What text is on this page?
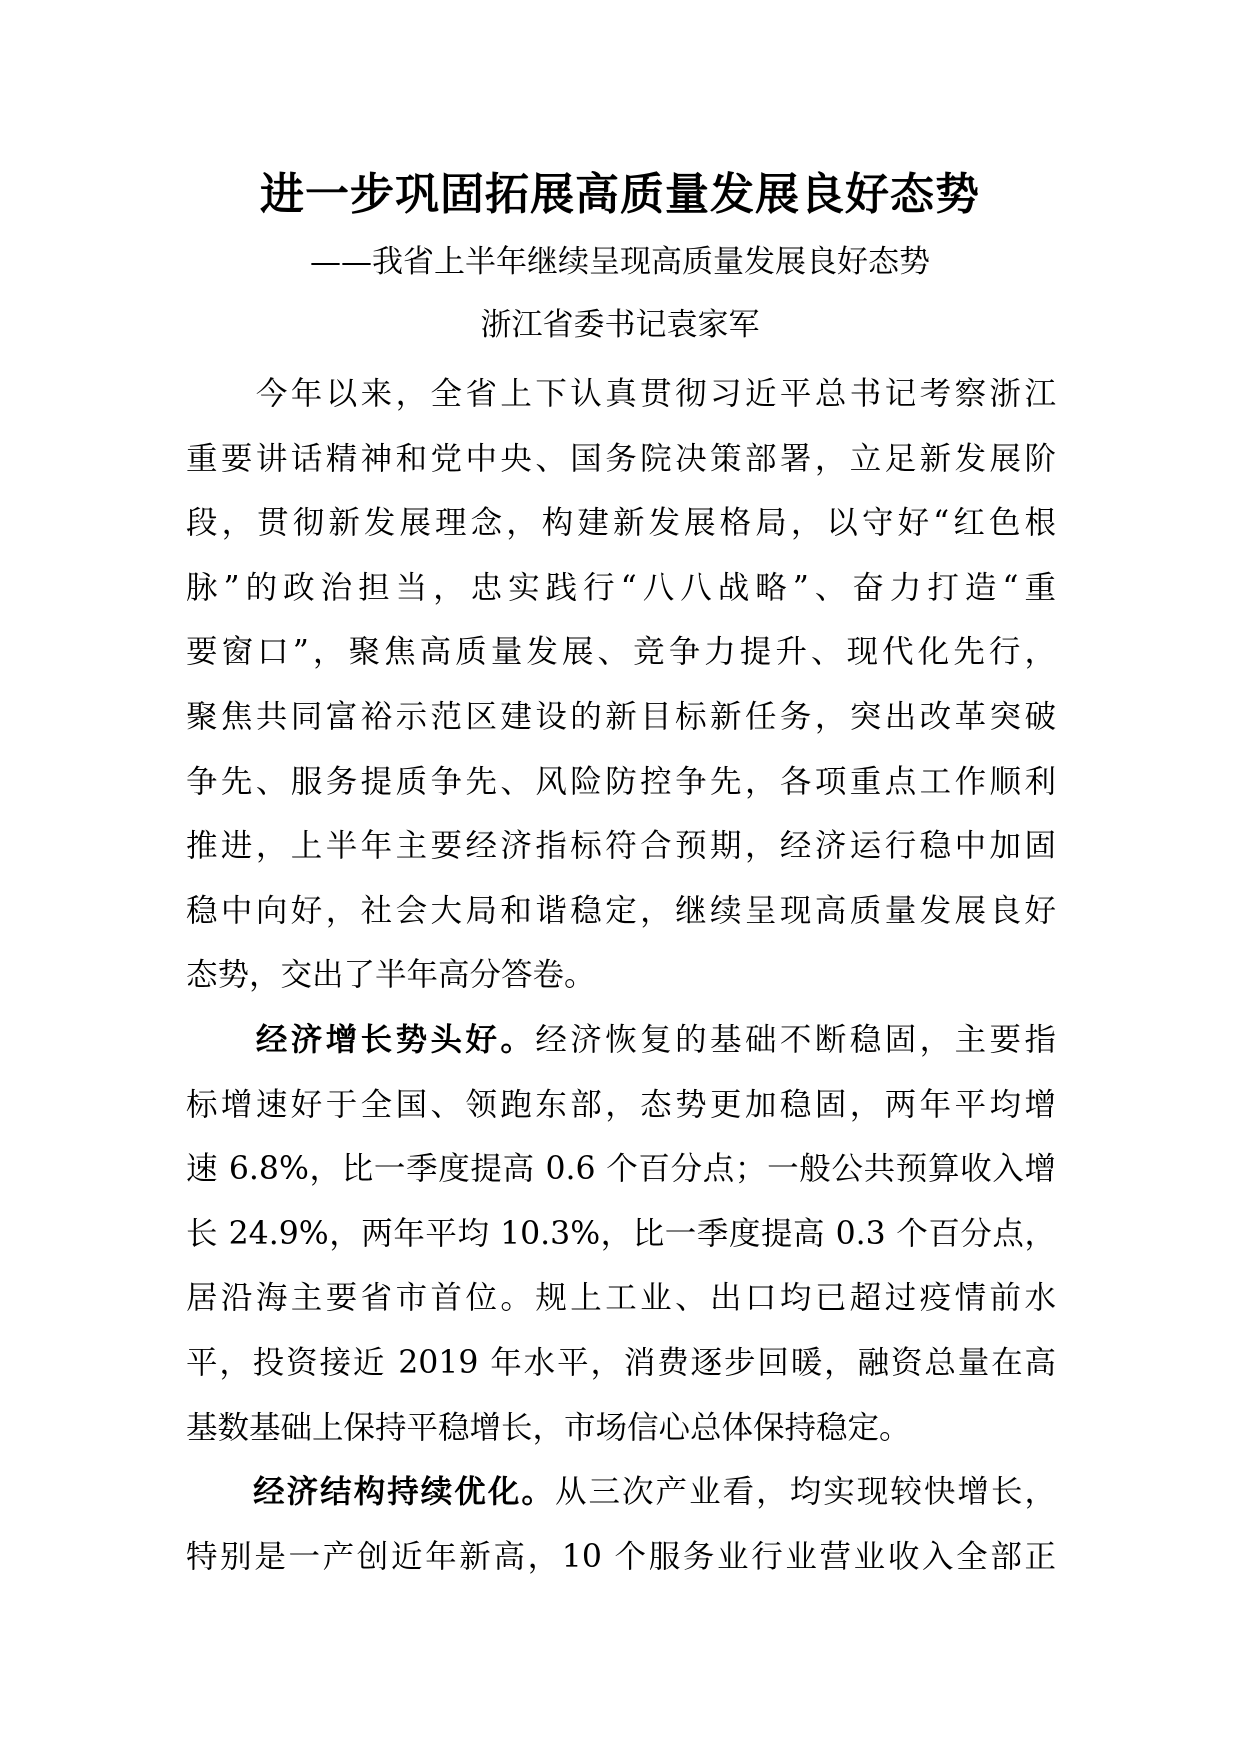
进一步巩固拓展高质量发展良好态势
——我省上半年继续呈现高质量发展良好态势
浙江省委书记袁家军
　　今年以来，全省上下认真贯彻习近平总书记考察浙江
重要讲话精神和党中央、国务院决策部署，立足新发展阶
段，贯彻新发展理念，构建新发展格局，以守好“红色根
脉”的政治担当，忠实践行“八八战略”、奋力打造“重
要窗口”，聚焦高质量发展、竞争力提升、现代化先行，
聚焦共同富裕示范区建设的新目标新任务，突出改革突破
争先、服务提质争先、风险防控争先，各项重点工作顺利
推进，上半年主要经济指标符合预期，经济运行稳中加固
稳中向好，社会大局和谐稳定，继续呈现高质量发展良好
态势，交出了半年高分答卷。
　　经济增长势头好。经济恢复的基础不断稳固，主要指
标增速好于全国、领跑东部，态势更加稳固，两年平均增
速 6.8%，比一季度提高 0.6 个百分点；一般公共预算收入增
长 24.9%，两年平均 10.3%，比一季度提高 0.3 个百分点，
居沿海主要省市首位。规上工业、出口均已超过疫情前水
平，投资接近 2019 年水平，消费逐步回暖，融资总量在高
基数基础上保持平稳增长，市场信心总体保持稳定。
　　经济结构持续优化。从三次产业看，均实现较快增长，
特别是一产创近年新高，10 个服务业行业营业收入全部正
